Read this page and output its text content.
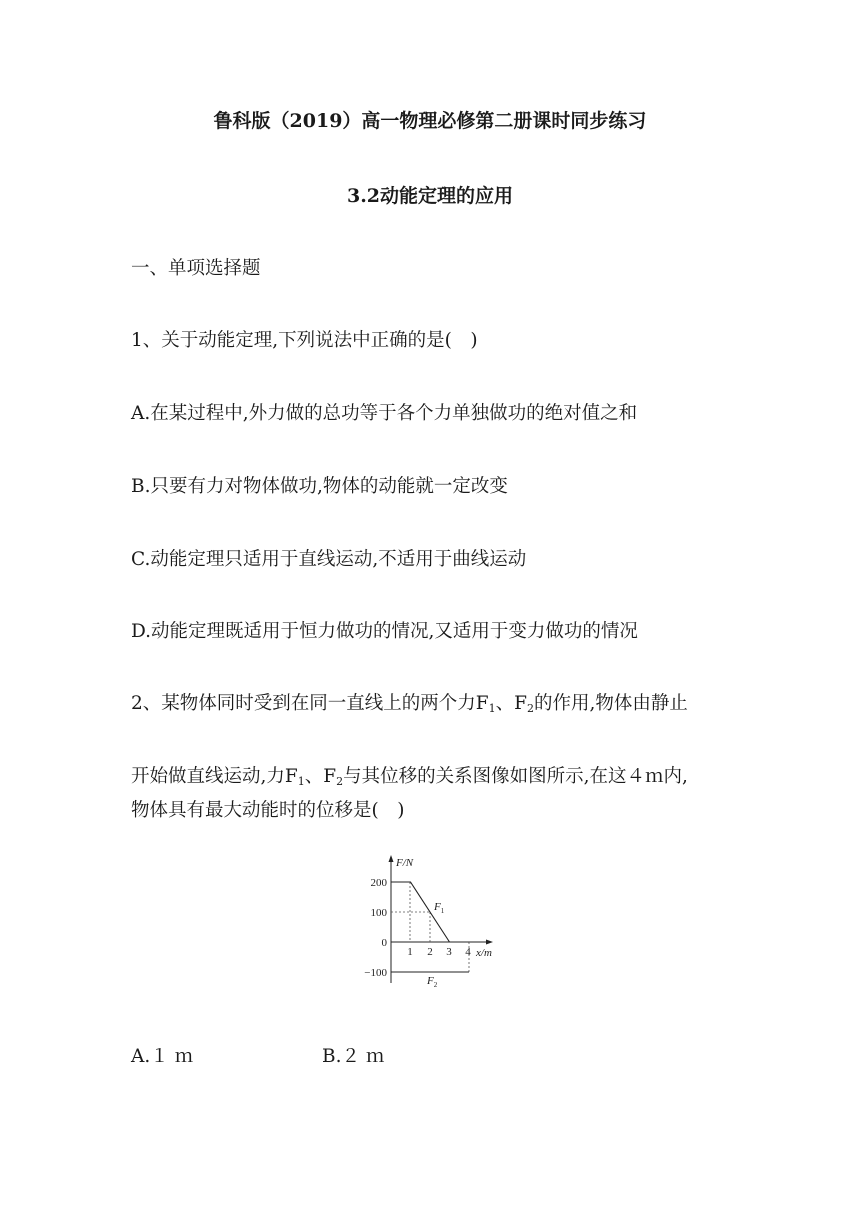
鲁科版（2019）高一物理必修第二册课时同步练习
3.2动能定理的应用
一、单项选择题
1、关于动能定理,下列说法中正确的是(　)
A.在某过程中,外力做的总功等于各个力单独做功的绝对值之和
B.只要有力对物体做功,物体的动能就一定改变
C.动能定理只适用于直线运动,不适用于曲线运动
D.动能定理既适用于恒力做功的情况,又适用于变力做功的情况
2、某物体同时受到在同一直线上的两个力$F_1$、$F_2$的作用,物体由静止
开始做直线运动,力$F_1$、$F_2$与其位移的关系图像如图所示,在这４ｍ内,
物体具有最大动能时的位移是(　)
F/N
x/m
200
100
0
−100
1 2 3 4
$F_1$
$F_2$
A.１ ｍ	B.２ ｍ
